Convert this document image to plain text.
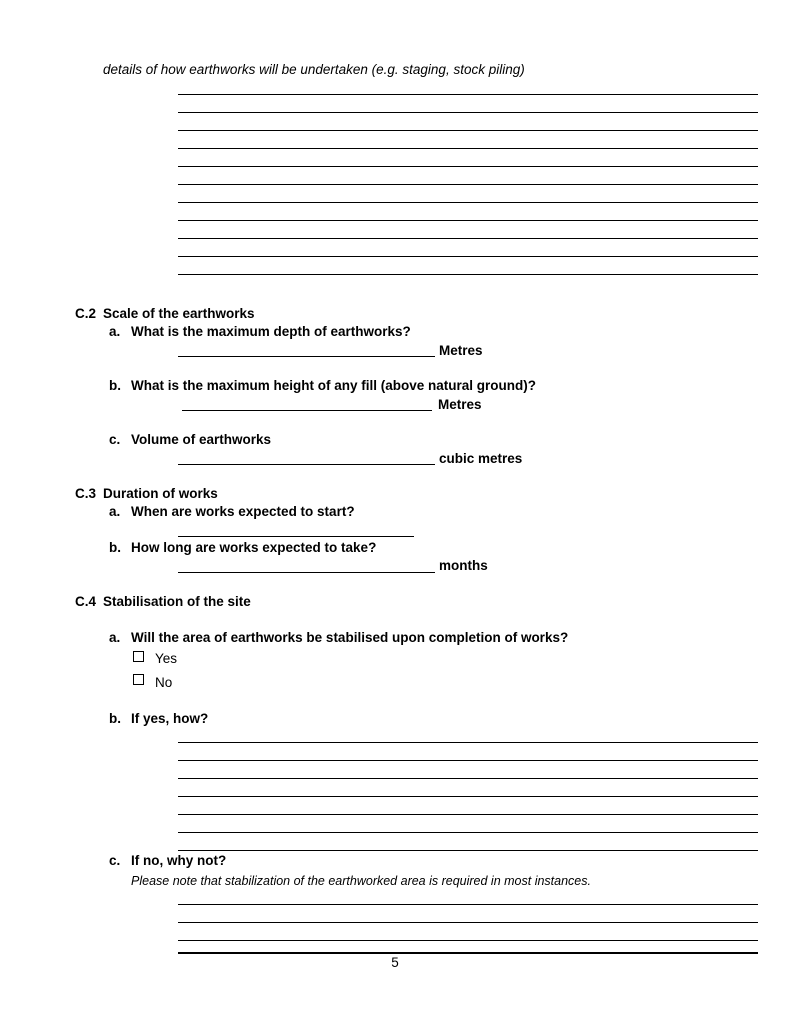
details of how earthworks will be undertaken (e.g. staging, stock piling)
C.2 Scale of the earthworks
a. What is the maximum depth of earthworks?
Metres
b. What is the maximum height of any fill (above natural ground)?
Metres
c. Volume of earthworks
cubic metres
C.3 Duration of works
a. When are works expected to start?
b. How long are works expected to take?
months
C.4 Stabilisation of the site
a. Will the area of earthworks be stabilised upon completion of works?
Yes
No
b. If yes, how?
c. If no, why not?
Please note that stabilization of the earthworked area is required in most instances.
5
